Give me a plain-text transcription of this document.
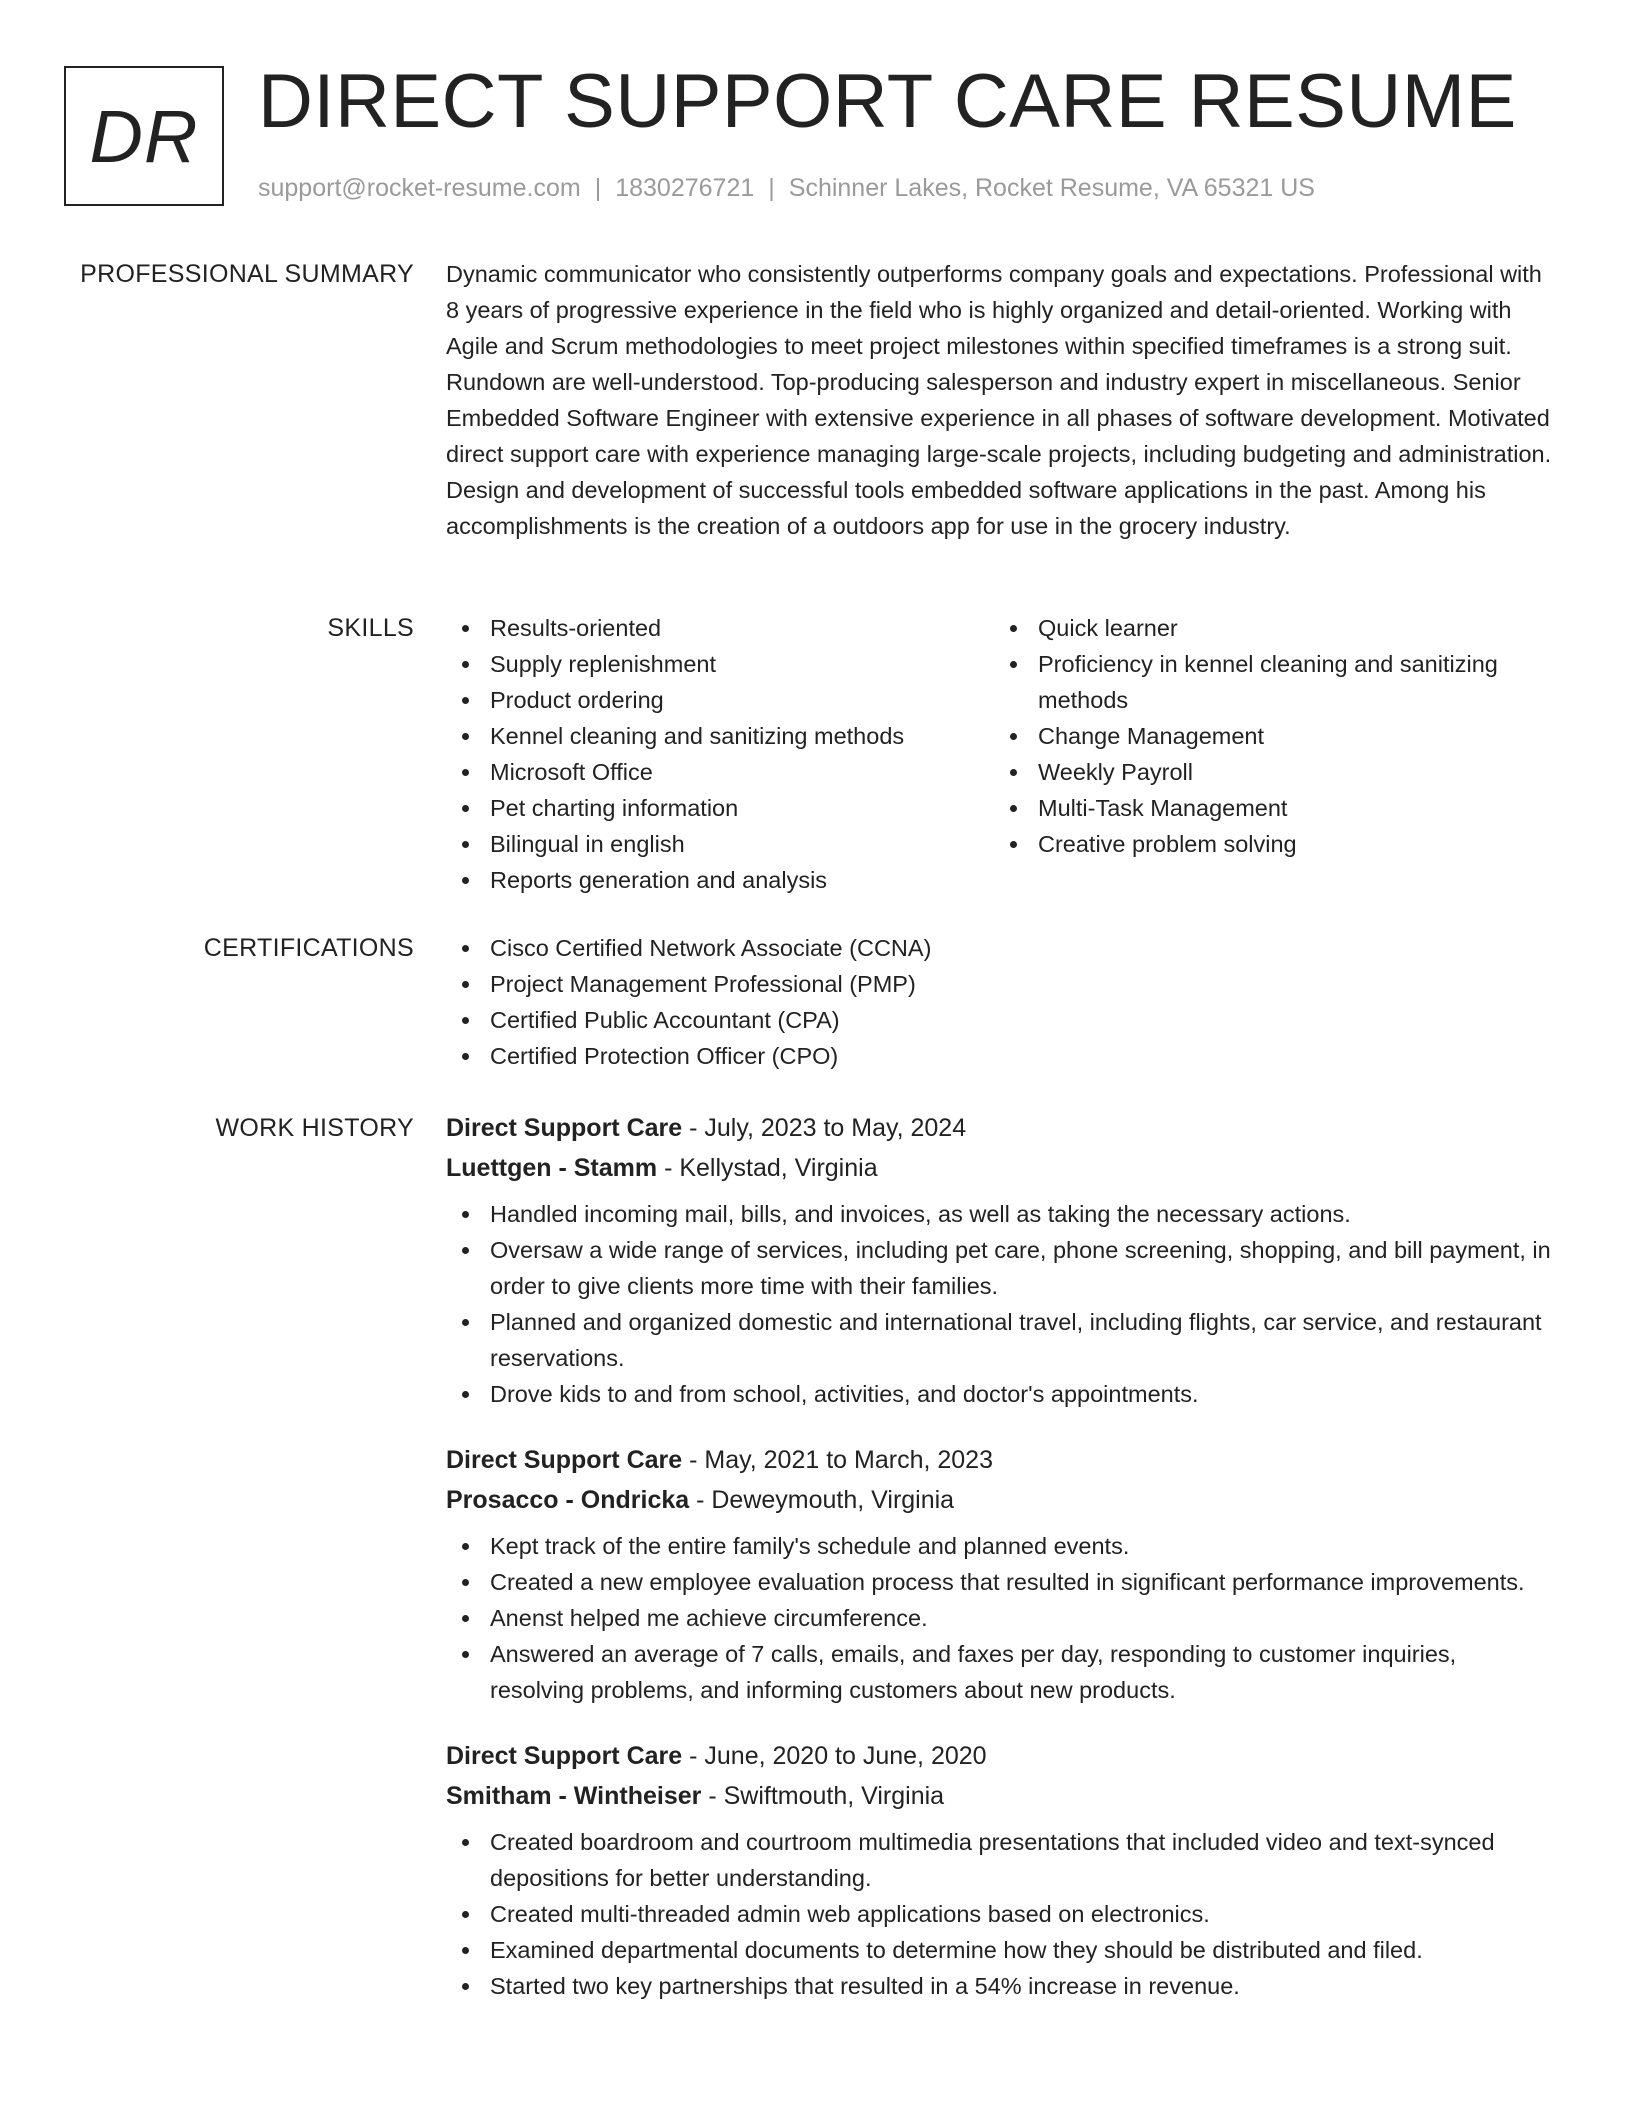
DR DIRECT SUPPORT CARE RESUME
support@rocket-resume.com | 1830276721 | Schinner Lakes, Rocket Resume, VA 65321 US
PROFESSIONAL SUMMARY Dynamic communicator who consistently outperforms company goals and expectations. Professional with 8 years of progressive experience in the field who is highly organized and detail-oriented. Working with Agile and Scrum methodologies to meet project milestones within specified timeframes is a strong suit. Rundown are well-understood. Top-producing salesperson and industry expert in miscellaneous. Senior Embedded Software Engineer with extensive experience in all phases of software development. Motivated direct support care with experience managing large-scale projects, including budgeting and administration. Design and development of successful tools embedded software applications in the past. Among his accomplishments is the creation of a outdoors app for use in the grocery industry.

SKILLS	Results-oriented
Supply replenishment
Product ordering
Kennel cleaning and sanitizing methods
Microsoft Office
Pet charting information
Bilingual in english
Reports generation and analysis
Quick learner
Proficiency in kennel cleaning and sanitizing methods
Change Management
Weekly Payroll
Multi-Task Management
Creative problem solving
CERTIFICATIONS	Cisco Certified Network Associate (CCNA)
Project Management Professional (PMP)
Certified Public Accountant (CPA)
Certified Protection Officer (CPO)
WORK HISTORY Direct Support Care - July, 2023 to May, 2024
Luettgen - Stamm - Kellystad, Virginia
Handled incoming mail, bills, and invoices, as well as taking the necessary actions.
Oversaw a wide range of services, including pet care, phone screening, shopping, and bill payment, in order to give clients more time with their families.
Planned and organized domestic and international travel, including flights, car service, and restaurant reservations.
Drove kids to and from school, activities, and doctor's appointments.
Direct Support Care - May, 2021 to March, 2023
Prosacco - Ondricka - Deweymouth, Virginia
Kept track of the entire family's schedule and planned events.
Created a new employee evaluation process that resulted in significant performance improvements.
Anenst helped me achieve circumference.
Answered an average of 7 calls, emails, and faxes per day, responding to customer inquiries, resolving problems, and informing customers about new products.
Direct Support Care - June, 2020 to June, 2020
Smitham - Wintheiser - Swiftmouth, Virginia
Created boardroom and courtroom multimedia presentations that included video and text-synced depositions for better understanding.
Created multi-threaded admin web applications based on electronics.
Examined departmental documents to determine how they should be distributed and filed.
Started two key partnerships that resulted in a 54% increase in revenue.
